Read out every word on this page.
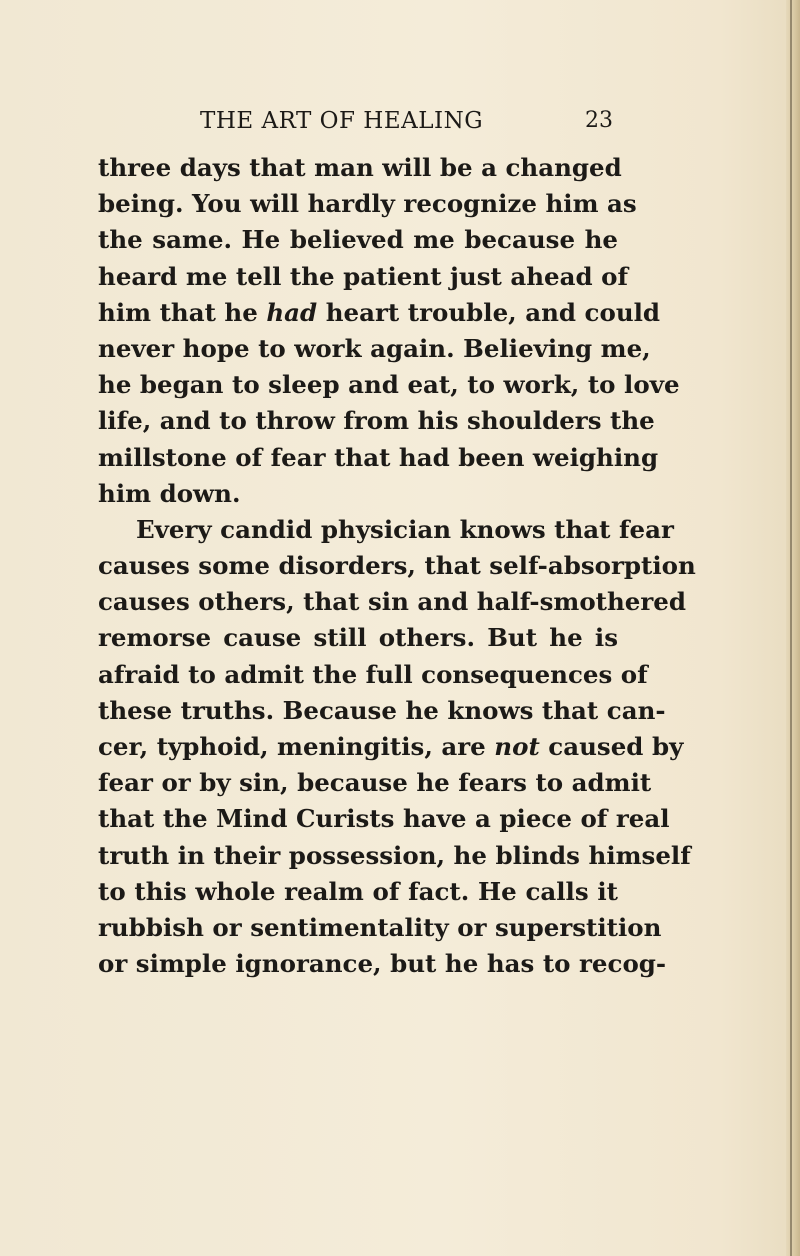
THE ART OF HEALING	23
three days that man will be a changed
being. You will hardly recognize him as
the same. He believed me because he
heard me tell the patient just ahead of
him that he had heart trouble, and could
never hope to work again. Believing me,
he began to sleep and eat, to work, to love
life, and to throw from his shoulders the
millstone of fear that had been weighing
him down.
Every candid physician knows that fear
causes some disorders, that self-absorption
causes others, that sin and half-smothered
remorse cause still others. But he is
afraid to admit the full consequences of
these truths. Because he knows that can-
cer, typhoid, meningitis, are not caused by
fear or by sin, because he fears to admit
that the Mind Curists have a piece of real
truth in their possession, he blinds himself
to this whole realm of fact. He calls it
rubbish or sentimentality or superstition
or simple ignorance, but he has to recog-
